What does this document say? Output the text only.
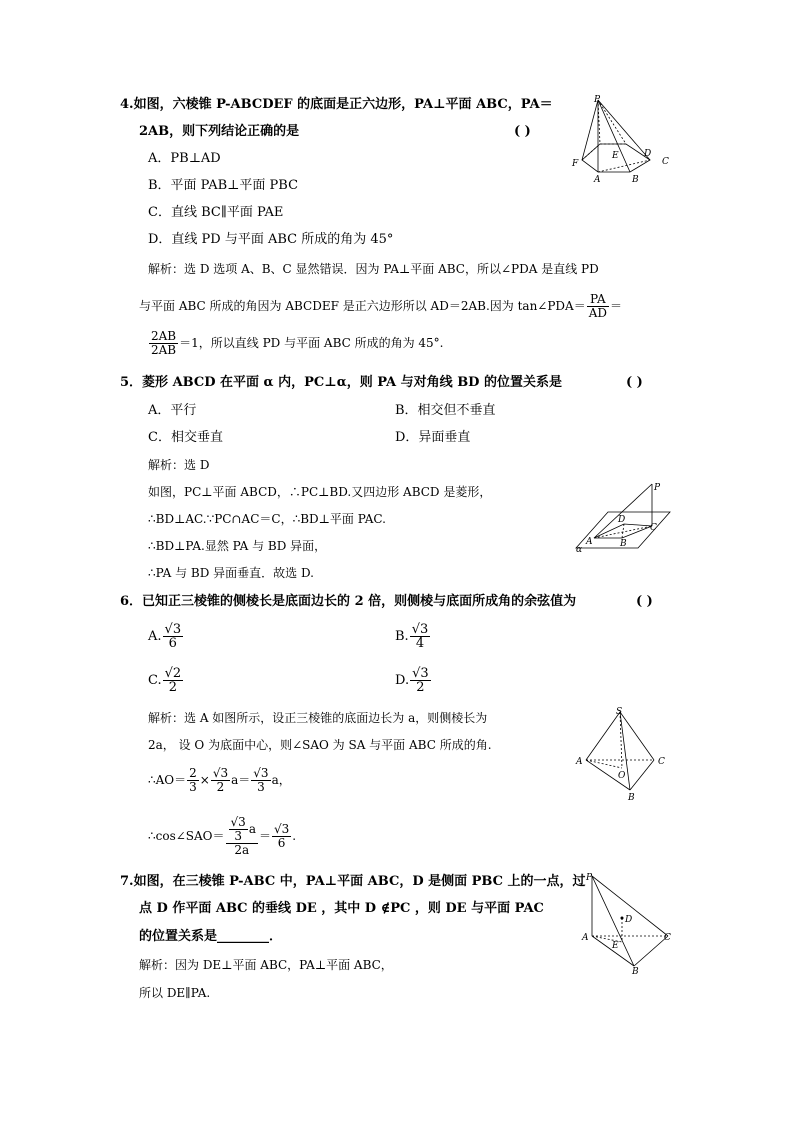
4.如图，六棱锥 P-ABCDEF 的底面是正六边形，PA⊥平面 ABC，PA＝
2AB，则下列结论正确的是	( )
A．PB⊥AD
B．平面 PAB⊥平面 PBC
C．直线 BC∥平面 PAE
D．直线 PD 与平面 ABC 所成的角为 45°
解析：选 D 选项 A、B、C 显然错误．因为 PA⊥平面 ABC，所以∠PDA 是直线 PD
与平面 ABC 所成的角因为 ABCDEF 是正六边形所以 AD＝2AB.因为 tan∠PDA＝ $\frac{PA}{AD}$ ＝
$\frac{2AB}{2AB} =1$，所以直线 PD 与平面 ABC 所成的角为 45°.
P
F
E	D
C
A	B
5．菱形 ABCD 在平面 α 内，PC⊥α，则 PA 与对角线 BD 的位置关系是	( )
A．平行	B．相交但不垂直
C．相交垂直	D．异面垂直
解析：选 D
如图，PC⊥平面 ABCD，∴PC⊥BD.又四边形 ABCD 是菱形，
∴BD⊥AC.∵PC∩AC＝C，∴BD⊥平面 PAC.
∴BD⊥PA.显然 PA 与 BD 异面，
∴PA 与 BD 异面垂直．故选 D.
P
D
C
A	B
α
6．已知正三棱锥的侧棱长是底面边长的 2 倍，则侧棱与底面所成角的余弦值为	( )
A. $\frac{√3}{6}$	B. $\frac{√3}{4}$
C. $\frac{√2}{2}$	D. $\frac{√3}{2}$
解析：选 A 如图所示，设正三棱锥的底面边长为 a，则侧棱长为
2a， 设 O 为底面中心，则∠SAO 为 SA 与平面 ABC 所成的角.
∴AO＝ $\frac{2}{3} \times \frac{√3}{2} a= \frac{√3}{3}$ a，
∴cos∠SAO＝ $\frac{\frac{√3}{3} a}{2a} = \frac{√3}{6}$ .
S
A	C
O
B
7.如图，在三棱锥 P-ABC 中，PA⊥平面 ABC，D 是侧面 PBC 上的一点，过
点 D 作平面 ABC 的垂线 DE ，其中 D ∉PC ，则 DE 与平面 PAC
的位置关系是________．
解析：因为 DE⊥平面 ABC，PA⊥平面 ABC，
所以 DE∥PA.
P
D
A
E
C
B
